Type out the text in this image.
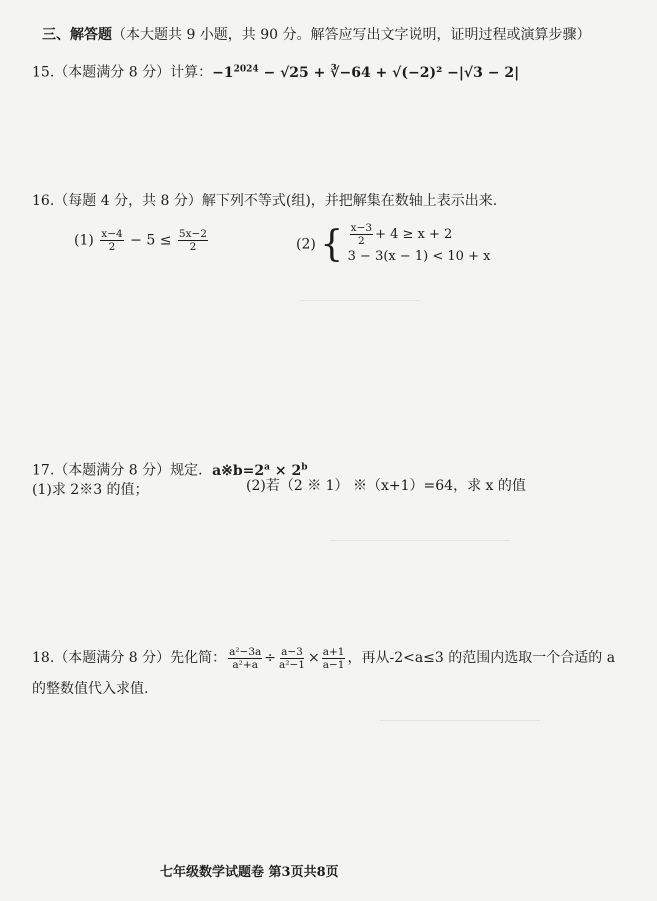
三、解答题（本大题共 9 小题，共 90 分。解答应写出文字说明，证明过程或演算步骤）
15.（本题满分 8 分）计算：$-1^{2024} - √25$ + ∛−64 + √(−2)² −|√3 − 2|
16.（每题 4 分，共 8 分）解下列不等式(组)，并把解集在数轴上表示出来.
$(1) \frac{x-4}{2} - 5 \le \frac{5x-2}{2}$	(2) { $\frac{x-3}{2} + 4 \ge x + 2$
3 − 3(x − 1) < 10 + x
17.（本题满分 8 分）规定．$a※b=2^a \times 2^b$
(1)求 2※3 的值；	(2)若（2 ※ 1） ※（x+1）=64，求 x 的值
18.（本题满分 8 分）先化简： $\frac{\text{a²−3a}}{\text{a²+a}} \div \frac{a-3}{\text{a²−1}} \times \frac{a+1}{a-1}$ ，再从-2<a≤3 的范围内选取一个合适的 a
的整数值代入求值.
七年级数学试题卷 第3页共8页
